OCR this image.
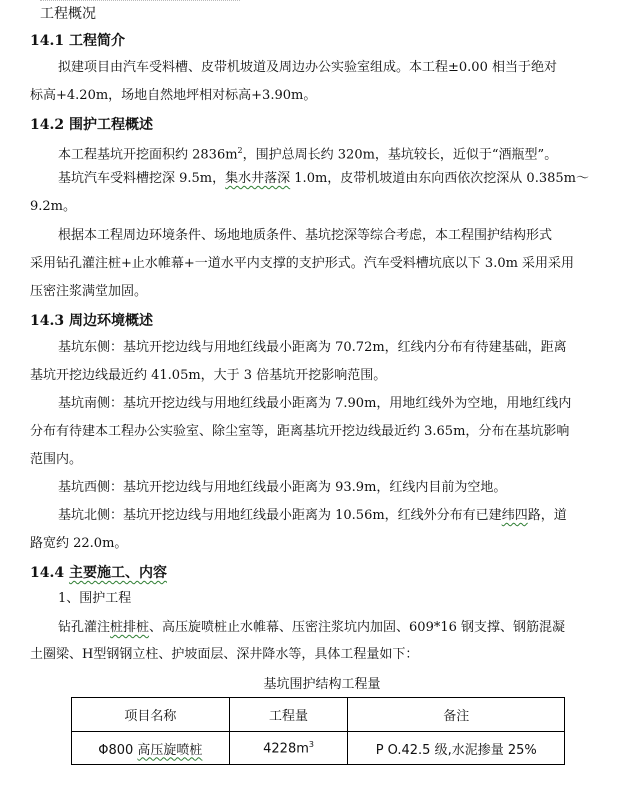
工程概况
14.1 工程简介
拟建项目由汽车受料槽、皮带机坡道及周边办公实验室组成。本工程±0.00 相当于绝对
标高+4.20m，场地自然地坪相对标高+3.90m。
14.2 围护工程概述
本工程基坑开挖面积约 $2836m^2$，围护总周长约 320m，基坑较长，近似于“酒瓶型”。
基坑汽车受料槽挖深 9.5m，集水井落深 1.0m，皮带机坡道由东向西依次挖深从 0.385m～
9.2m。
根据本工程周边环境条件、场地地质条件、基坑挖深等综合考虑，本工程围护结构形式
采用钻孔灌注桩+止水帷幕+一道水平内支撑的支护形式。汽车受料槽坑底以下 3.0m 采用采用
压密注浆满堂加固。
14.3 周边环境概述
基坑东侧：基坑开挖边线与用地红线最小距离为 70.72m，红线内分布有待建基础，距离
基坑开挖边线最近约 41.05m，大于 3 倍基坑开挖影响范围。
基坑南侧：基坑开挖边线与用地红线最小距离为 7.90m，用地红线外为空地，用地红线内
分布有待建本工程办公实验室、除尘室等，距离基坑开挖边线最近约 3.65m，分布在基坑影响
范围内。
基坑西侧：基坑开挖边线与用地红线最小距离为 93.9m，红线内目前为空地。
基坑北侧：基坑开挖边线与用地红线最小距离为 10.56m，红线外分布有已建纬四路，道
路宽约 22.0m。
14.4 主要施工、内容
1、围护工程
钻孔灌注桩排桩、高压旋喷桩止水帷幕、压密注浆坑内加固、609*16 钢支撑、钢筋混凝
土圈梁、H型钢钢立柱、护坡面层、深井降水等，具体工程量如下：
基坑围护结构工程量
项目名称	工程量	备注
Φ800 高压旋喷桩	$4228m^3$	P O.42.5 级,水泥掺量 25%
